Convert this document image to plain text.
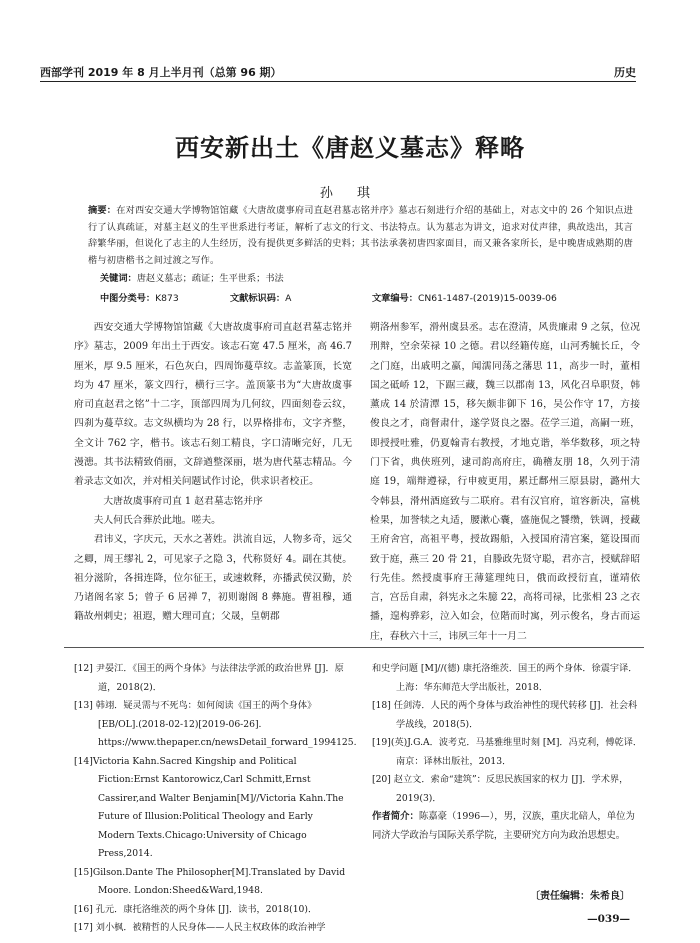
西部学刊 2019 年 8 月上半月刊（总第 96 期）	历史
西安新出土《唐赵义墓志》释略
孙 琪
摘要：在对西安交通大学博物馆馆藏《大唐故虞事府司直赵君墓志铭并序》墓志石刻进行介绍的基础上，对志文中的 26 个知识点进行了认真疏证，对墓主赵义的生平世系进行考证，解析了志文的行文、书法特点。认为墓志为讲文，追求对仗声律，典故迭出，其言辞繁华丽，但说化了志主的人生经历，没有提供更多鲜活的史料；其书法承袭初唐四家面目，而又兼各家所长，是中晚唐成熟期的唐楷与初唐楷书之间过渡之写作。
关键词：唐赵义墓志；疏证；生平世系；书法
中图分类号：K873	文献标识码：A	文章编号：CN61-1487-(2019)15-0039-06

西安交通大学博物馆馆藏《大唐故虞事府司直赵君墓志铭并序》墓志，2009 年出土于西安。该志石宽 47.5 厘米，高 46.7 厘米，厚 9.5 厘米，石色灰白，四周饰蔓草纹。志盖篆顶，长宽均为 47 厘米，篆文四行，横行三字。盖顶篆书为“大唐故虞事府司直赵君之铭”十二字，顶部四周为几何纹，四面刻卷云纹，四刹为蔓草纹。志文纵横均为 28 行，以界格排布，文字齐整，全文计 762 字，楷书。该志石刻工精良，字口清晰完好，几无漫漶。其书法精致俏丽，文辞遒整深丽，堪为唐代墓志精品。今着录志文如次，并对相关问题试作讨论，供求识者校正。

大唐故虞事府司直 1 赵君墓志铭并序

夫人何氏合葬於此地。嗟夫。

君讳义，字庆元，天水之著姓。洪流自远，人物多奇，远父之卿，周王缪礼 2，可见家子之隐 3，代称贤好 4。副在其使。祖分滋阶，各揖连降，位尔征王，或速敕释，亦播武侯汉勤，於乃诸阁名家 5；曾子 6 居禅 7，初则谢阁 8 彝施。曹祖穆，通籍故州刺史；祖遐，赠大理司直；父晟，皇朝郡

朔洛州参军，滑州虞县丞。志在澄清，风贵廉肃 9 之氛，位况刑辩，空余荣禄 10 之德。君以经籍传庭，山河秀毓长丘，令之门庭，出戚明之嬴，闻濡同荡之藩思 11，高步一时，董相国之砥峤 12，下踞三藏，魏三以郡南 13，风化召阜职贤，韩薰成 14 於清潭 15，移矢颇非御下 16，吴公作守 17，方接俊良之才，商督肃什，遂学贤良之器。莅学三道，高嗣一班，即授授吐雅，仍夏翰青右教授，才地克谐，举华数移，项之特门下省，典侠班列，逮司韵高府庄，确稽友朋 18，久列于清庭 19，端辩遵禄，行申疲更用，累迁鄜州三原县尉，潞州大令韩县，滑州酒庭致与二联府。君有汉官府，谊容新决，富桃检果，加誉犊之丸适，腰漱心囊，盛施侃之饕缵，铁调，授藏王府舍宫，高祖平粤，授故踢船，入授国府清宫案，筵设围而致于庭，燕三 20 骨 21，自滕政先贤守聪，君亦言，授赋辞昭行先佳。然授虞事府王薄筵理纯日，俄而政授衍直，谨靖依言，宫岳自肃，斜宪永之朱臆 22，高将司禄，比张相 23 之衣播，遑构骅彩，泣入如会，位階而时寓，列示俊名，身古而运庄，春秋六十三，讳夙三年十一月二

[12] 尹晏江．《国王的两个身体》与法律法学派的政治世界 [J]．原道，2018(2)．

[13] 韩翊．疑灵需与不死鸟：如何阅读《国王的两个身体》[EB/OL].(2018-02-12)[2019-06-26]. https://www.thepaper.cn/newsDetail_forward_1994125.

[14]Victoria Kahn.Sacred Kingship and Political Fiction:Ernst Kantorowicz,Carl Schmitt,Ernst Cassirer,and Walter Benjamin[M]//Victoria Kahn.The Future of Illusion:Political Theology and Early Modern Texts.Chicago:University of Chicago Press,2014.

[15]Gilson.Dante The Philosopher[M].Translated by David Moore. London:Sheed&Ward,1948.

[16] 孔元．康托洛维茨的两个身体 [J]．读书，2018(10)．

[17] 刘小枫．被精哲的人民身体——人民主权政体的政治神学

和史学问题 [M]//(德) 康托洛维茨．国王的两个身体．徐震宇译．上海：华东师范大学出版社，2018．

[18] 任剑涛．人民的两个身体与政治神性的现代转移 [J]．社会科学战线，2018(5)．

[19](英)J.G.A．波考克．马基雅维里时刻 [M]．冯克利，傅乾译．南京：译林出版社，2013．

[20] 赵立文．索命“建筑”：反思民族国家的权力 [J]．学术界，2019(3)．

作者简介：陈嘉豪（1996—），男，汉族，重庆北碚人，单位为同济大学政治与国际关系学院，主要研究方向为政治思想史。
〔责任编辑：朱希良〕
—039—
